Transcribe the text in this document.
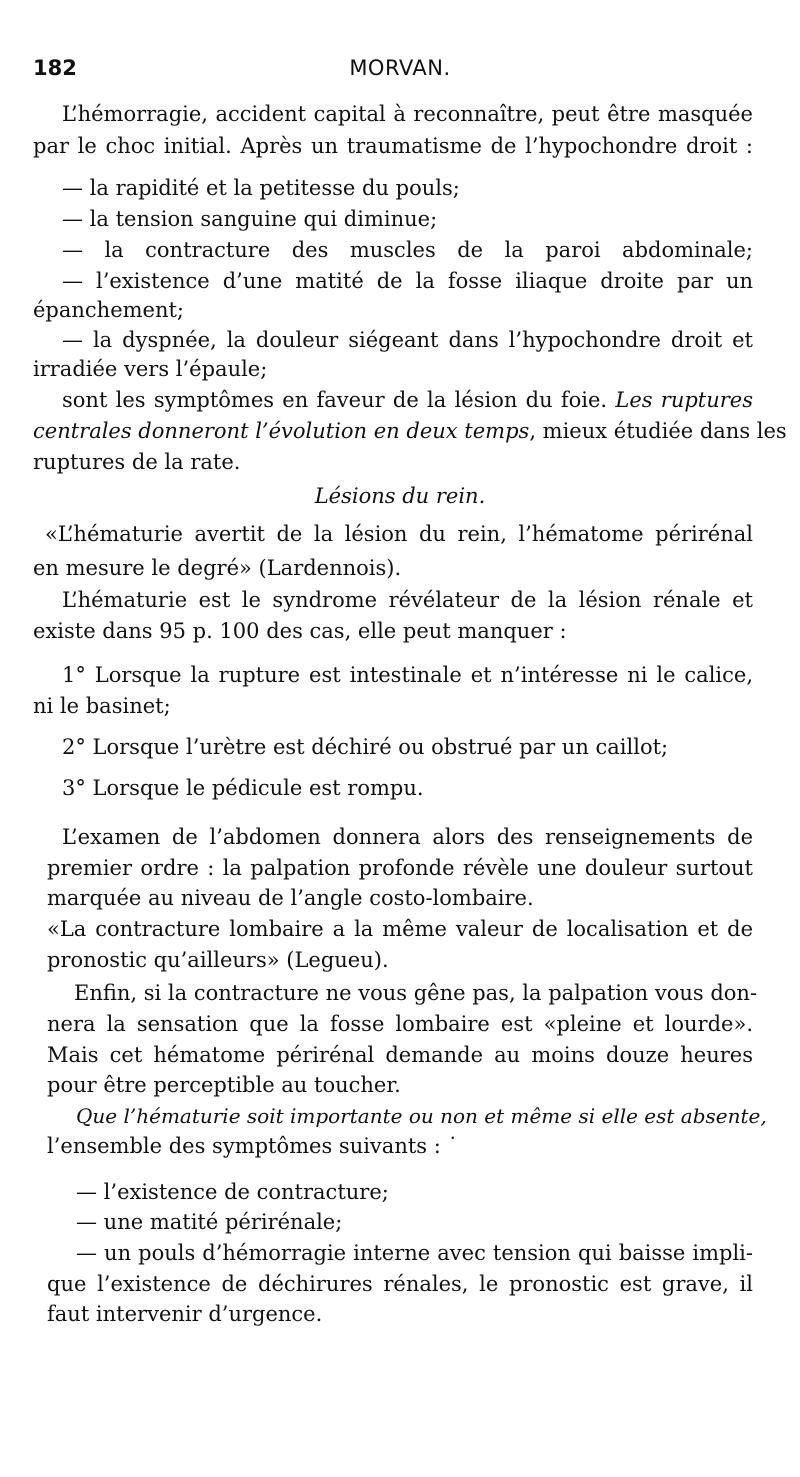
182	MORVAN.
L’hémorragie, accident capital à reconnaître, peut être masquée
par le choc initial. Après un traumatisme de l’hypochondre droit :
— la rapidité et la petitesse du pouls;
— la tension sanguine qui diminue;
— la contracture des muscles de la paroi abdominale;
— l’existence d’une matité de la fosse iliaque droite par un
épanchement;
— la dyspnée, la douleur siégeant dans l’hypochondre droit et
irradiée vers l’épaule;
sont les symptômes en faveur de la lésion du foie. Les ruptures
centrales donneront l’évolution en deux temps, mieux étudiée dans les
ruptures de la rate.
Lésions du rein.
«L’hématurie avertit de la lésion du rein, l’hématome périrénal
en mesure le degré» (Lardennois).
L’hématurie est le syndrome révélateur de la lésion rénale et
existe dans 95 p. 100 des cas, elle peut manquer :
1° Lorsque la rupture est intestinale et n’intéresse ni le calice,
ni le basinet;
2° Lorsque l’urètre est déchiré ou obstrué par un caillot;
3° Lorsque le pédicule est rompu.
L’examen de l’abdomen donnera alors des renseignements de
premier ordre : la palpation profonde révèle une douleur surtout
marquée au niveau de l’angle costo-lombaire.
«La contracture lombaire a la même valeur de localisation et de
pronostic qu’ailleurs» (Legueu).
Enfin, si la contracture ne vous gêne pas, la palpation vous don-
nera la sensation que la fosse lombaire est «pleine et lourde».
Mais cet hématome périrénal demande au moins douze heures
pour être perceptible au toucher.
Que l’hématurie soit importante ou non et même si elle est absente,
l’ensemble des symptômes suivants : ˙
— l’existence de contracture;
— une matité périrénale;
— un pouls d’hémorragie interne avec tension qui baisse impli-
que l’existence de déchirures rénales, le pronostic est grave, il
faut intervenir d’urgence.
